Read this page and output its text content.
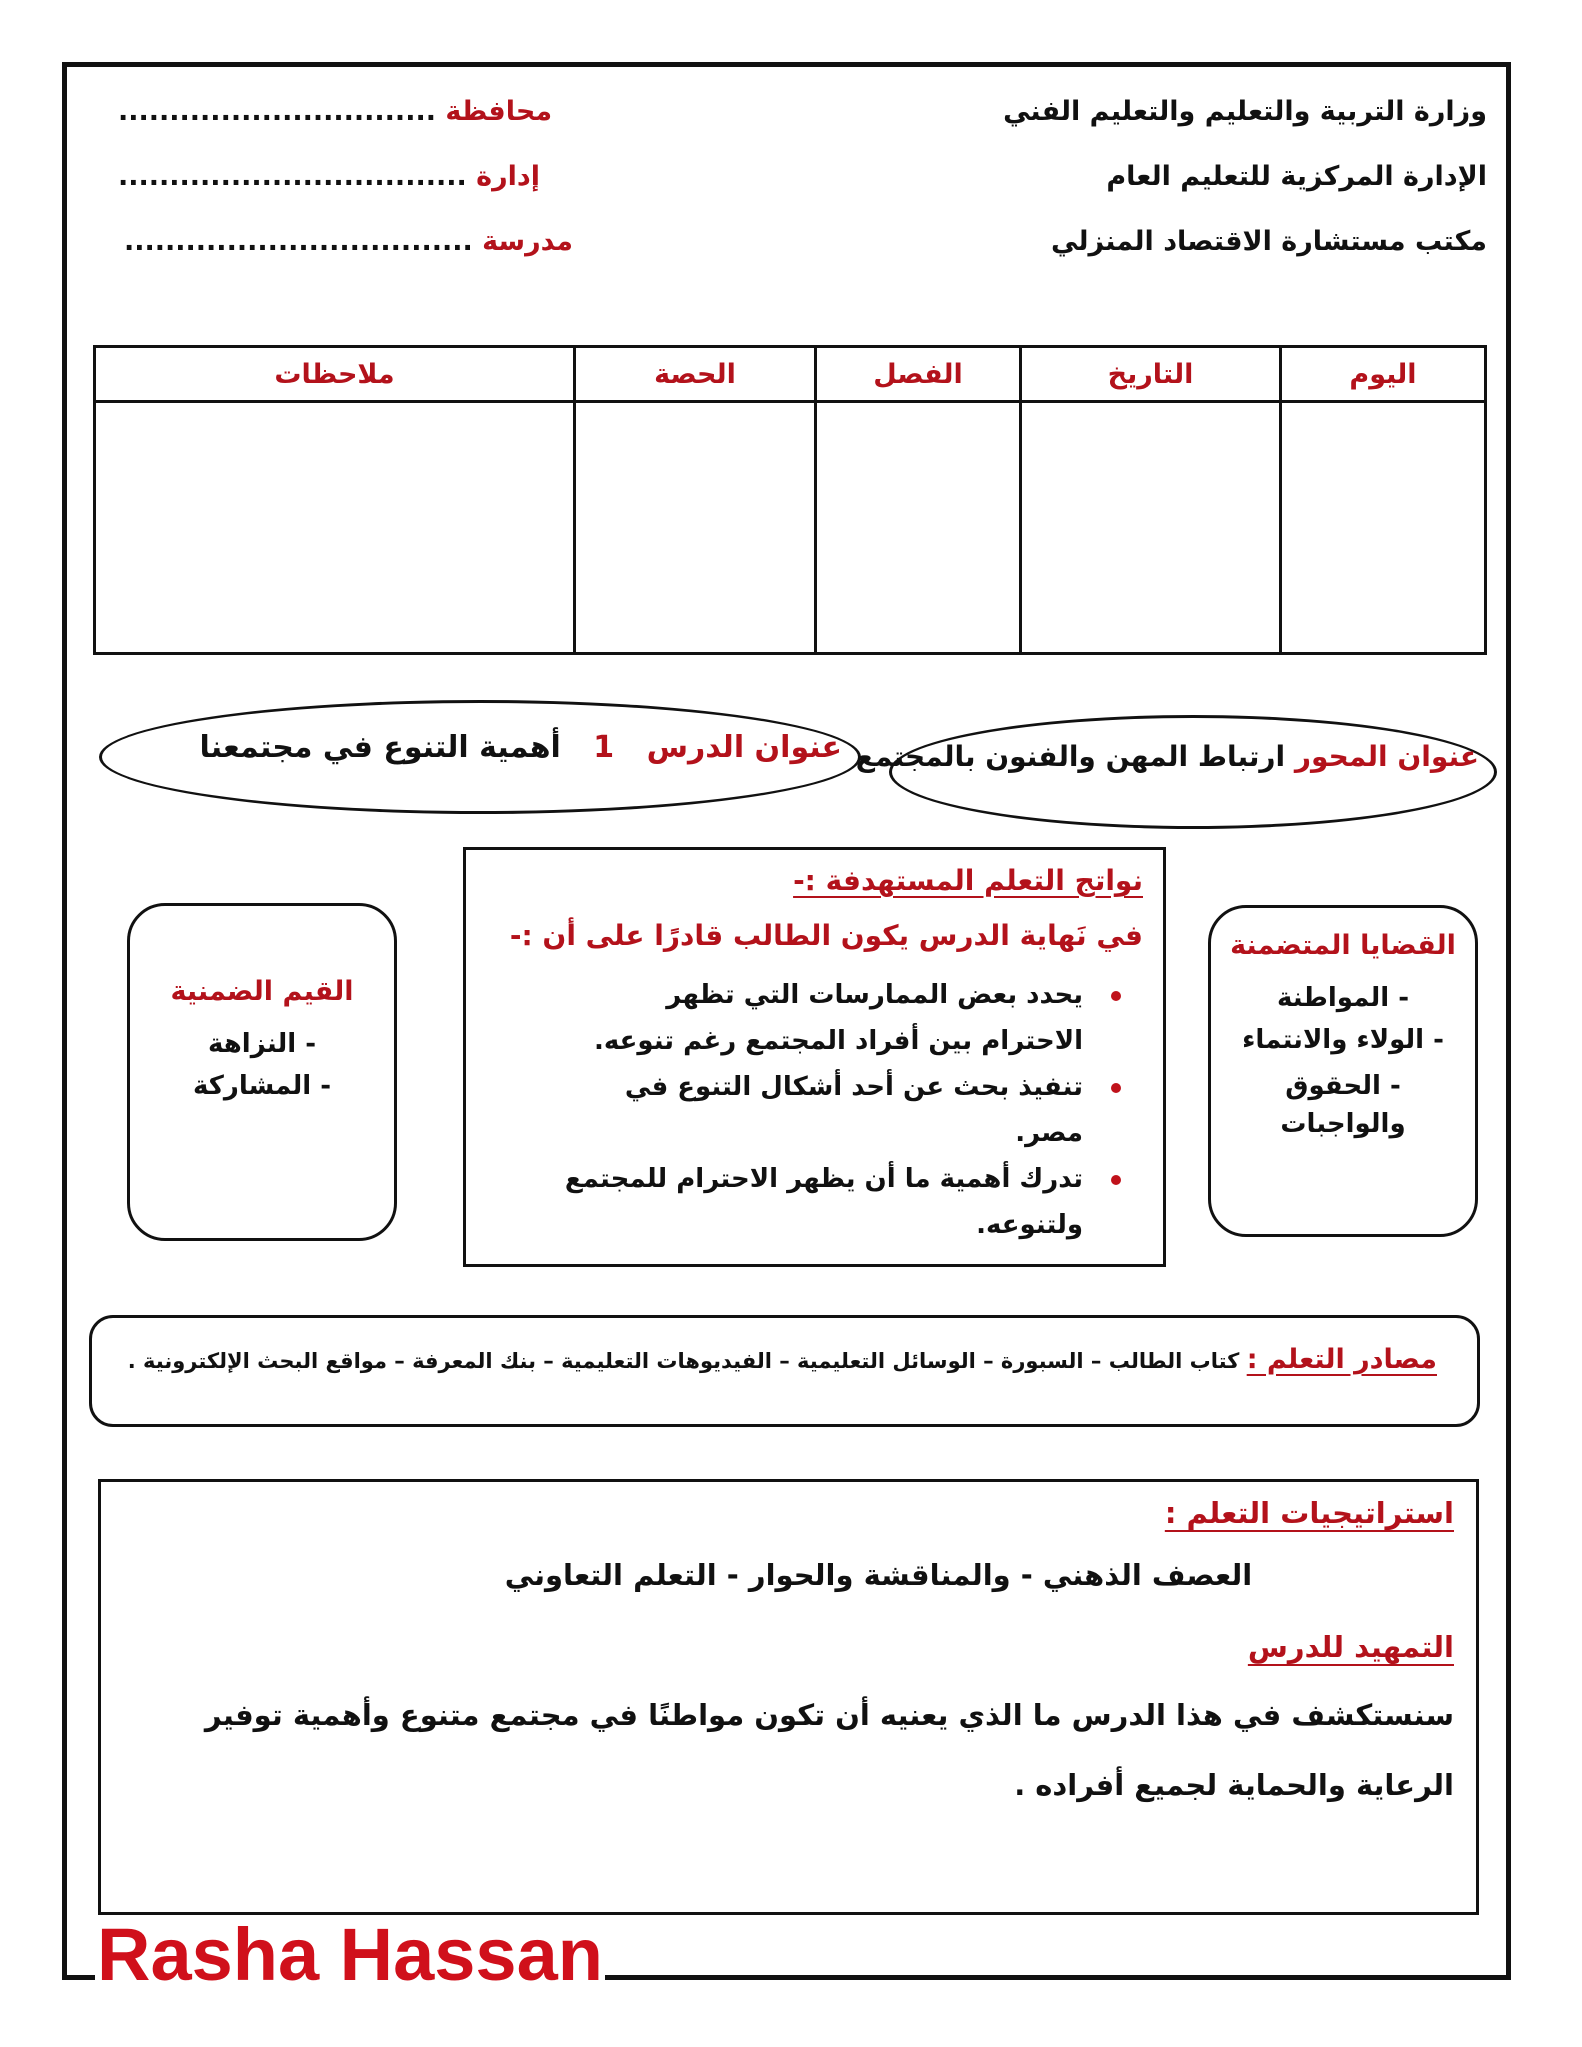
وزارة التربية والتعليم والتعليم الفني
الإدارة المركزية للتعليم العام
مكتب مستشارة الاقتصاد المنزلي
محافظة ...............................
إدارة ..................................
مدرسة ..................................
اليوم	التاريخ	الفصل	الحصة	ملاحظات

عنوان المحور ارتباط المهن والفنون بالمجتمع
عنوان الدرس 1 أهمية التنوع في مجتمعنا
القضايا المتضمنة
- المواطنة
- الولاء والانتماء
- الحقوق والواجبات
نواتج التعلم المستهدفة :-
في نَهاية الدرس يكون الطالب قادرًا على أن :-
يحدد بعض الممارسات التي تظهر الاحترام بين أفراد المجتمع رغم تنوعه.
تنفيذ بحث عن أحد أشكال التنوع في مصر.
تدرك أهمية ما أن يظهر الاحترام للمجتمع ولتنوعه.
القيم الضمنية
- النزاهة
- المشاركة
مصادر التعلم : كتاب الطالب – السبورة – الوسائل التعليمية – الفيديوهات التعليمية – بنك المعرفة – مواقع البحث الإلكترونية .
استراتيجيات التعلم :
العصف الذهني - والمناقشة والحوار - التعلم التعاوني
التمهيد للدرس
سنستكشف في هذا الدرس ما الذي يعنيه أن تكون مواطنًا في مجتمع متنوع وأهمية توفير الرعاية والحماية لجميع أفراده .
Rasha Hassan
